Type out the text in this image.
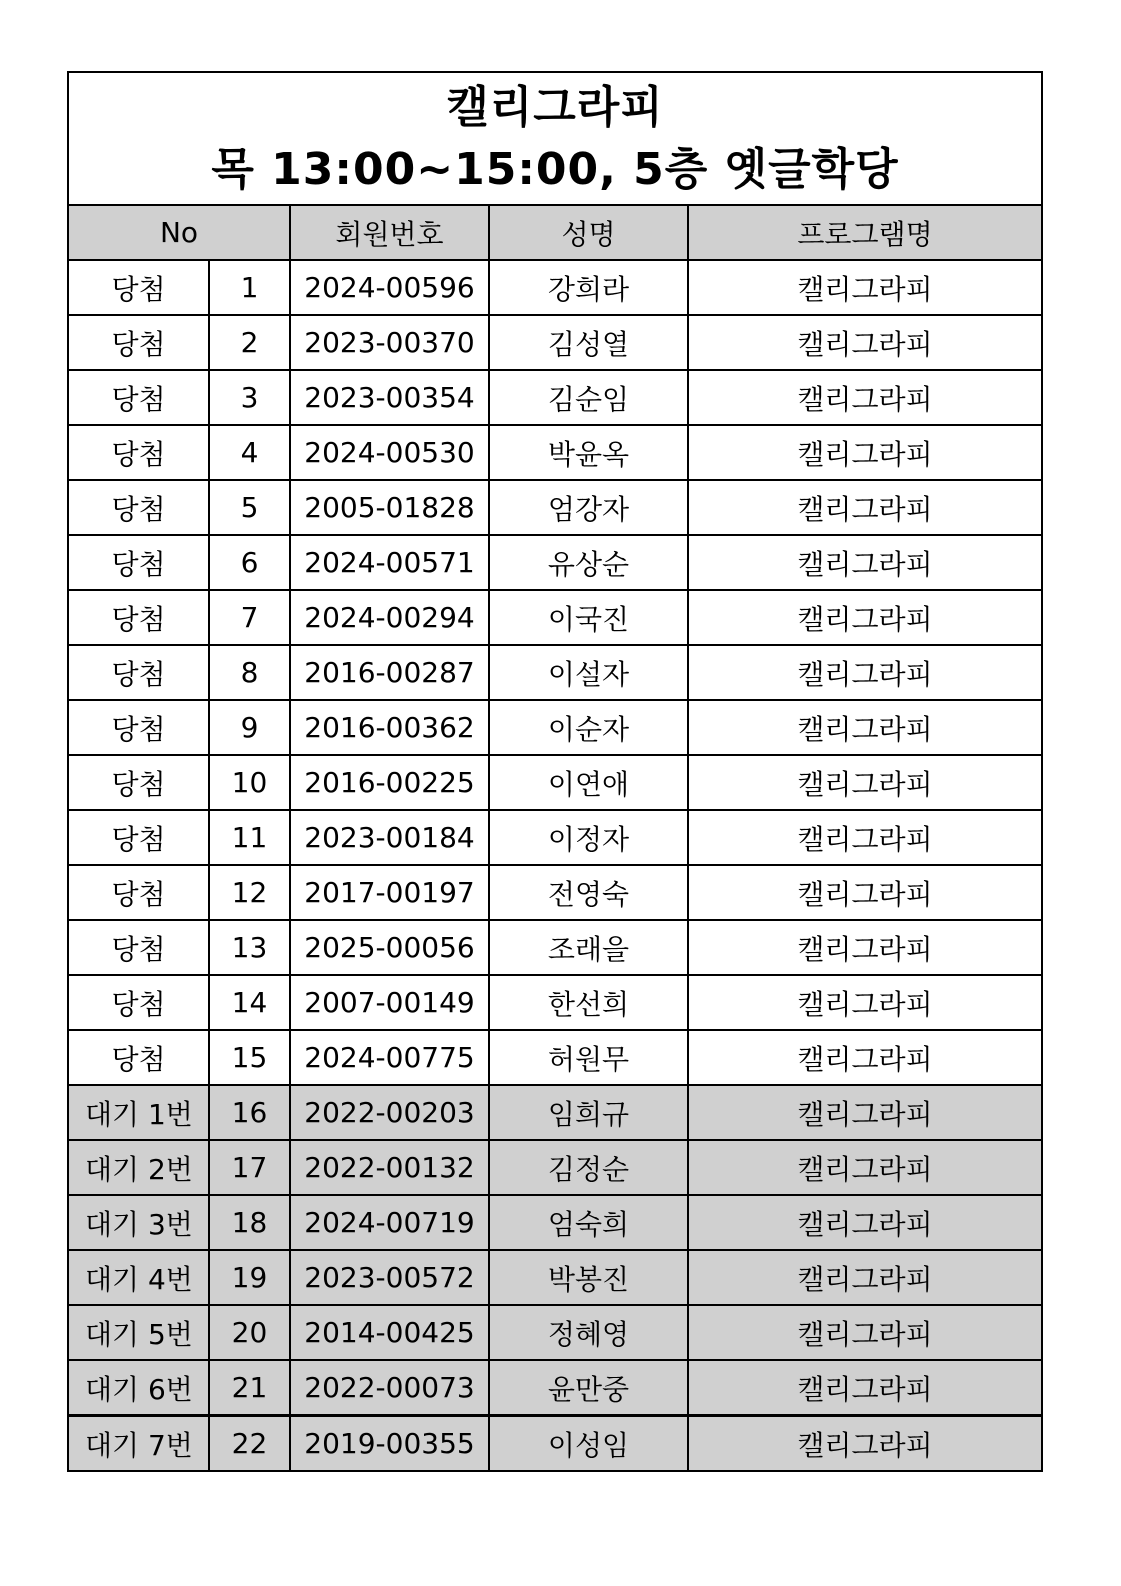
캘리그라피
목 13:00~15:00, 5층 옛글학당				

No		회원번호	성명	프로그램명
당첨	1	2024-00596	강희라	캘리그라피
당첨	2	2023-00370	김성열	캘리그라피
당첨	3	2023-00354	김순임	캘리그라피
당첨	4	2024-00530	박윤옥	캘리그라피
당첨	5	2005-01828	엄강자	캘리그라피
당첨	6	2024-00571	유상순	캘리그라피
당첨	7	2024-00294	이국진	캘리그라피
당첨	8	2016-00287	이설자	캘리그라피
당첨	9	2016-00362	이순자	캘리그라피
당첨	10	2016-00225	이연애	캘리그라피
당첨	11	2023-00184	이정자	캘리그라피
당첨	12	2017-00197	전영숙	캘리그라피
당첨	13	2025-00056	조래을	캘리그라피
당첨	14	2007-00149	한선희	캘리그라피
당첨	15	2024-00775	허원무	캘리그라피
대기 1번	16	2022-00203	임희규	캘리그라피
대기 2번	17	2022-00132	김정순	캘리그라피
대기 3번	18	2024-00719	엄숙희	캘리그라피
대기 4번	19	2023-00572	박봉진	캘리그라피
대기 5번	20	2014-00425	정혜영	캘리그라피
대기 6번	21	2022-00073	윤만중	캘리그라피
대기 7번	22	2019-00355	이성임	캘리그라피
